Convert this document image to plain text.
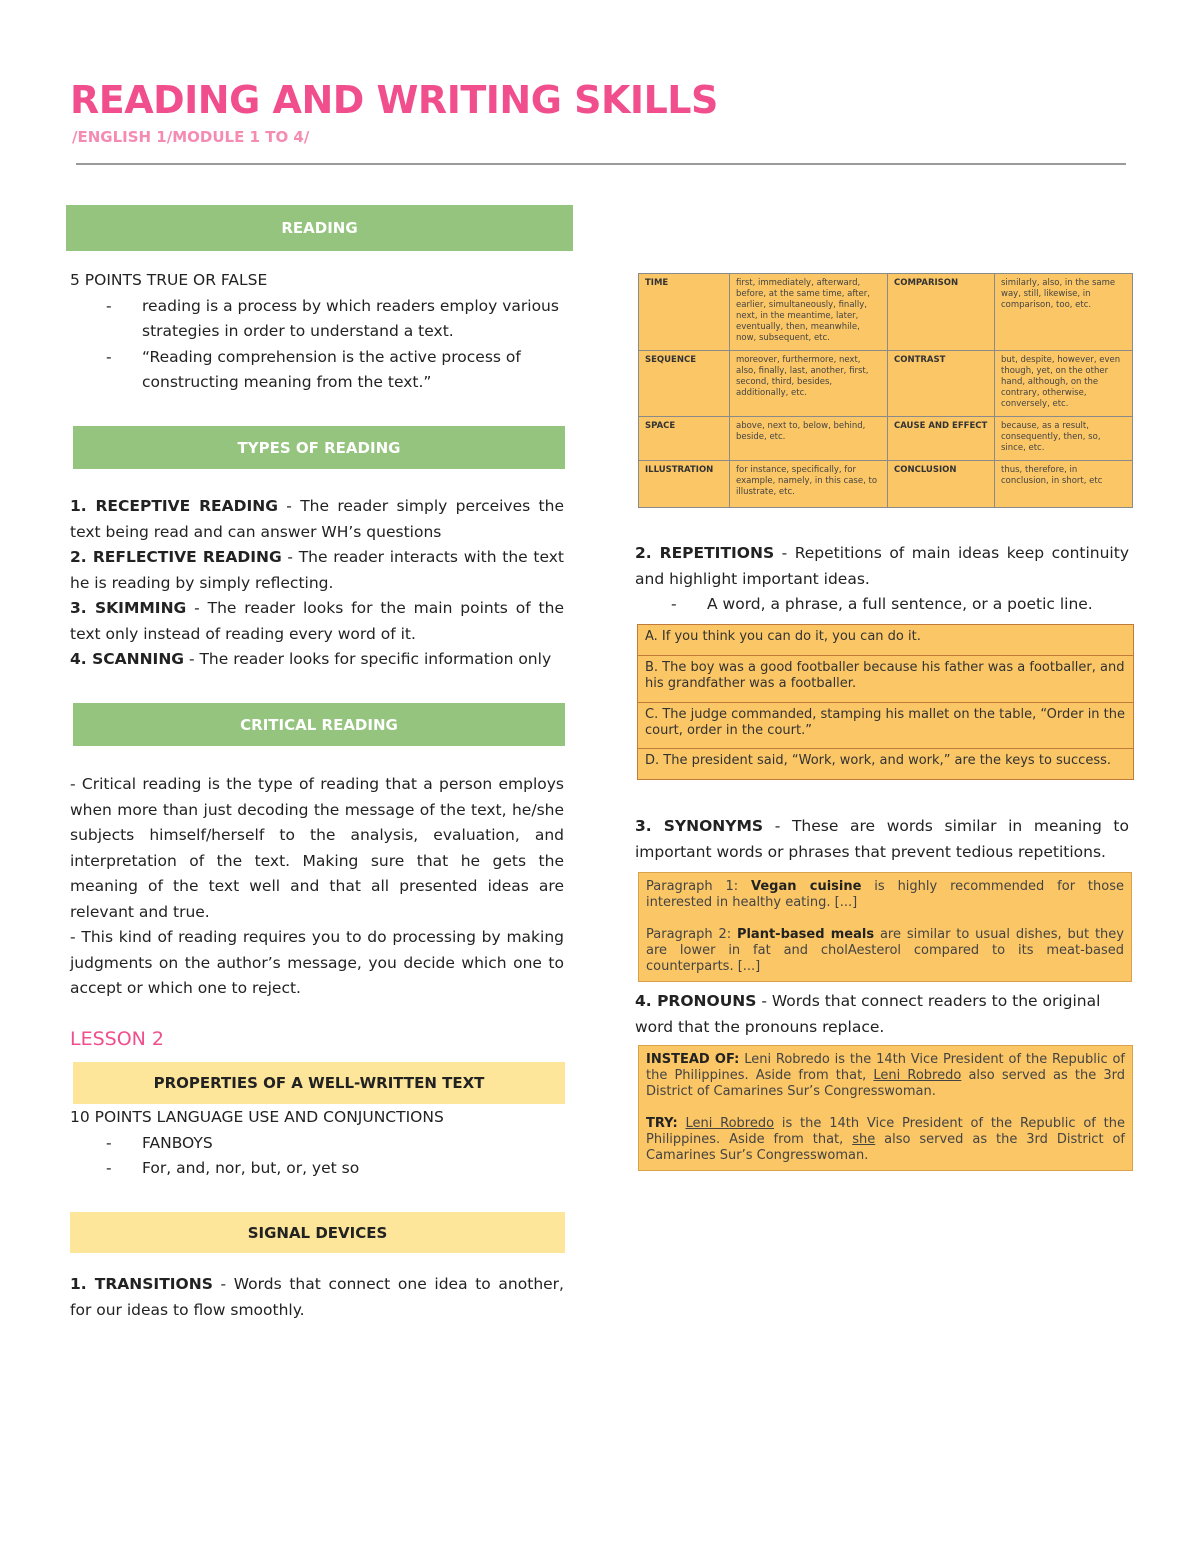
READING AND WRITING SKILLS
/ENGLISH 1/MODULE 1 TO 4/
READING
5 POINTS TRUE OR FALSE
- reading is a process by which readers employ various strategies in order to understand a text.
- “Reading comprehension is the active process of constructing meaning from the text.”
TYPES OF READING
1. RECEPTIVE READING - The reader simply perceives the text being read and can answer WH’s questions
2. REFLECTIVE READING - The reader interacts with the text he is reading by simply reflecting.
3. SKIMMING - The reader looks for the main points of the text only instead of reading every word of it.
4. SCANNING - The reader looks for specific information only
CRITICAL READING
- Critical reading is the type of reading that a person employs when more than just decoding the message of the text, he/she subjects himself/herself to the analysis, evaluation, and interpretation of the text. Making sure that he gets the meaning of the text well and that all presented ideas are relevant and true.
- This kind of reading requires you to do processing by making judgments on the author’s message, you decide which one to accept or which one to reject.
LESSON 2
PROPERTIES OF A WELL-WRITTEN TEXT
10 POINTS LANGUAGE USE AND CONJUNCTIONS
- FANBOYS
- For, and, nor, but, or, yet so
SIGNAL DEVICES
1. TRANSITIONS - Words that connect one idea to another, for our ideas to flow smoothly.
TIME	first, immediately, afterward, before, at the same time, after, earlier, simultaneously, finally, next, in the meantime, later, eventually, then, meanwhile, now, subsequent, etc.	COMPARISON	similarly, also, in the same way, still, likewise, in comparison, too, etc.
SEQUENCE	moreover, furthermore, next, also, finally, last, another, first, second, third, besides, additionally, etc.	CONTRAST	but, despite, however, even though, yet, on the other hand, although, on the contrary, otherwise, conversely, etc.
SPACE	above, next to, below, behind, beside, etc.	CAUSE AND EFFECT	because, as a result, consequently, then, so, since, etc.
ILLUSTRATION	for instance, specifically, for example, namely, in this case, to illustrate, etc.	CONCLUSION	thus, therefore, in conclusion, in short, etc
2. REPETITIONS - Repetitions of main ideas keep continuity and highlight important ideas.
- A word, a phrase, a full sentence, or a poetic line.
A. If you think you can do it, you can do it.
B. The boy was a good footballer because his father was a footballer, and his grandfather was a footballer.
C. The judge commanded, stamping his mallet on the table, “Order in the court, order in the court.”
D. The president said, “Work, work, and work,” are the keys to success.
3. SYNONYMS - These are words similar in meaning to important words or phrases that prevent tedious repetitions.
Paragraph 1: Vegan cuisine is highly recommended for those interested in healthy eating. [...]
Paragraph 2: Plant-based meals are similar to usual dishes, but they are lower in fat and cholAesterol compared to its meat-based counterparts. [...]
4. PRONOUNS - Words that connect readers to the original word that the pronouns replace.
INSTEAD OF: Leni Robredo is the 14th Vice President of the Republic of the Philippines. Aside from that, Leni Robredo also served as the 3rd District of Camarines Sur’s Congresswoman.
TRY: Leni Robredo is the 14th Vice President of the Republic of the Philippines. Aside from that, she also served as the 3rd District of Camarines Sur’s Congresswoman.
